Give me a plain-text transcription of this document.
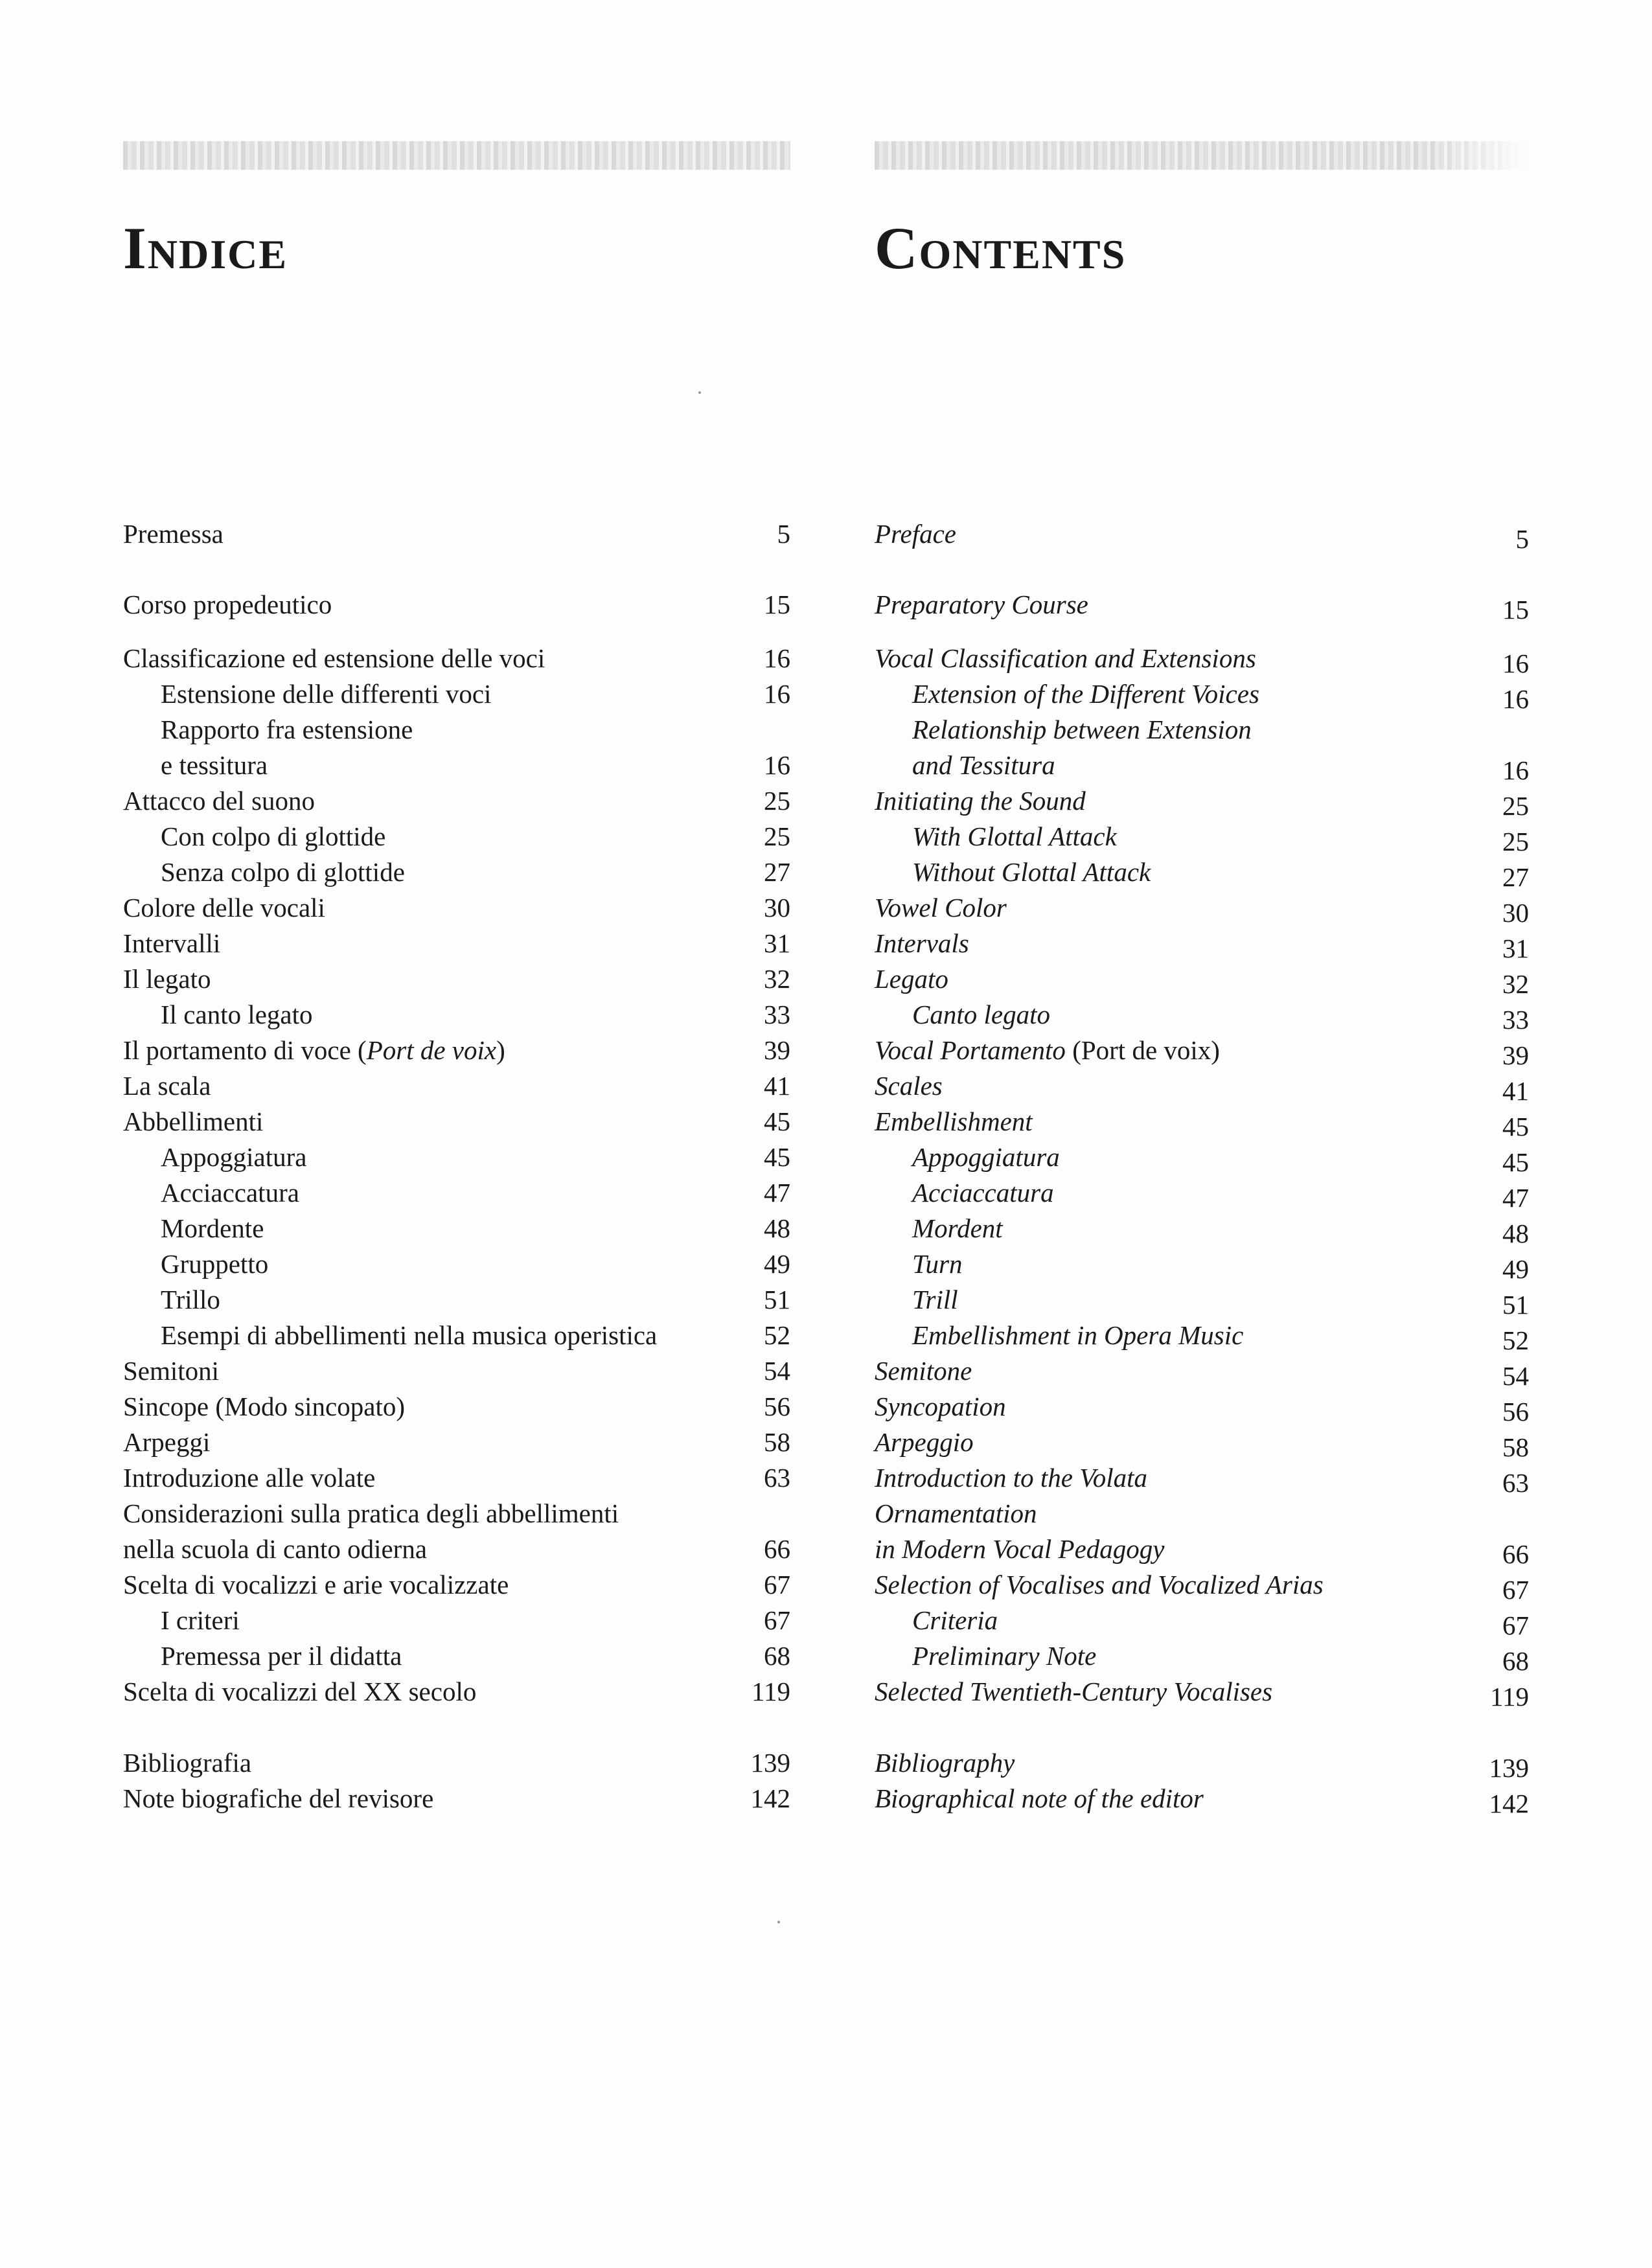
Indice	Contents
Premessa	5
Corso propedeutico	15
Classificazione ed estensione delle voci	16
Estensione delle differenti voci	16
Rapporto fra estensione
e tessitura	16
Attacco del suono	25
Con colpo di glottide	25
Senza colpo di glottide	27
Colore delle vocali	30
Intervalli	31
Il legato	32
Il canto legato	33
Il portamento di voce (Port de voix)	39
La scala	41
Abbellimenti	45
Appoggiatura	45
Acciaccatura	47
Mordente	48
Gruppetto	49
Trillo	51
Esempi di abbellimenti nella musica operistica	52
Semitoni	54
Sincope (Modo sincopato)	56
Arpeggi	58
Introduzione alle volate	63
Considerazioni sulla pratica degli abbellimenti
nella scuola di canto odierna	66
Scelta di vocalizzi e arie vocalizzate	67
I criteri	67
Premessa per il didatta	68
Scelta di vocalizzi del XX secolo	119
Bibliografia	139
Note biografiche del revisore	142
Preface	5
Preparatory Course	15
Vocal Classification and Extensions	16
Extension of the Different Voices	16
Relationship between Extension
and Tessitura	16
Initiating the Sound	25
With Glottal Attack	25
Without Glottal Attack	27
Vowel Color	30
Intervals	31
Legato	32
Canto legato	33
Vocal Portamento (Port de voix)	39
Scales	41
Embellishment	45
Appoggiatura	45
Acciaccatura	47
Mordent	48
Turn	49
Trill	51
Embellishment in Opera Music	52
Semitone	54
Syncopation	56
Arpeggio	58
Introduction to the Volata	63
Ornamentation
in Modern Vocal Pedagogy	66
Selection of Vocalises and Vocalized Arias	67
Criteria	67
Preliminary Note	68
Selected Twentieth-Century Vocalises	119
Bibliography	139
Biographical note of the editor	142
